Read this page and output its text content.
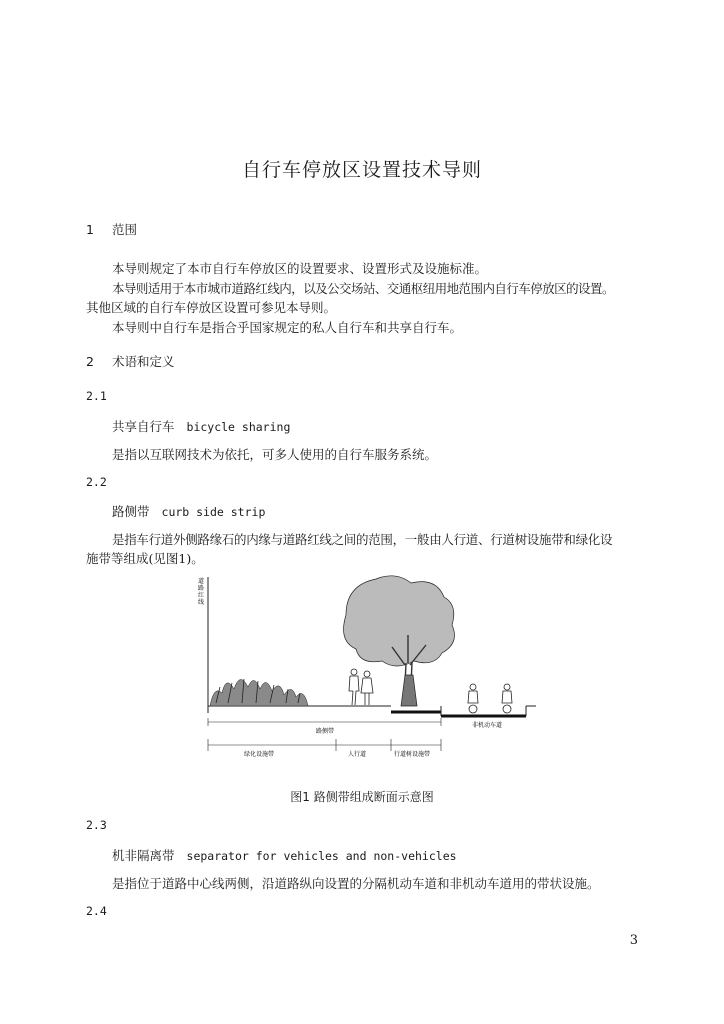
自行车停放区设置技术导则
1 范围
本导则规定了本市自行车停放区的设置要求、设置形式及设施标准。
本导则适用于本市城市道路红线内，以及公交场站、交通枢纽用地范围内自行车停放区的设置。
其他区域的自行车停放区设置可参见本导则。
本导则中自行车是指合乎国家规定的私人自行车和共享自行车。
2 术语和定义
2.1
共享自行车 bicycle sharing
是指以互联网技术为依托，可多人使用的自行车服务系统。
2.2
路侧带 curb side strip
是指车行道外侧路缘石的内缘与道路红线之间的范围，一般由人行道、行道树设施带和绿化设
施带等组成(见图1)。
道路红线
路侧带
非机动车道
绿化设施带	人行道	行道树设施带
图1 路侧带组成断面示意图
2.3
机非隔离带 separator for vehicles and non-vehicles
是指位于道路中心线两侧，沿道路纵向设置的分隔机动车道和非机动车道用的带状设施。
2.4
3
